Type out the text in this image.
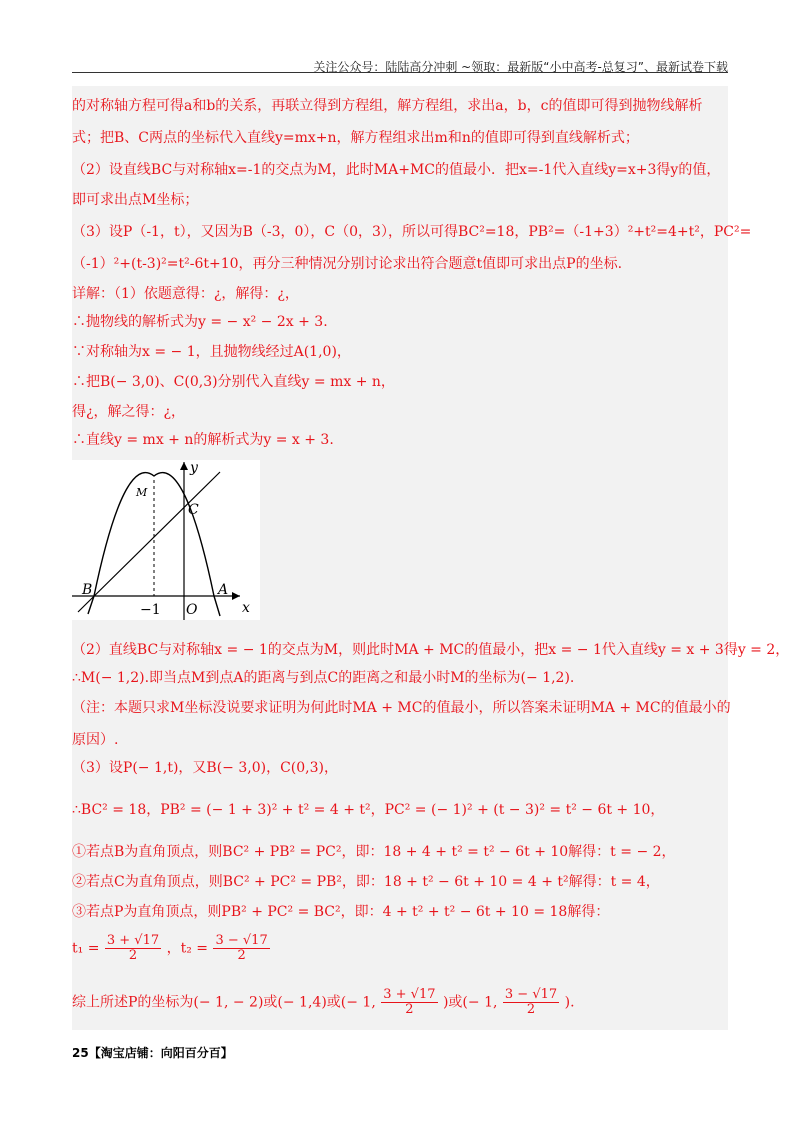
关注公众号：陆陆高分冲刺 ~领取：最新版“小中高考-总复习”、最新试卷下载
的对称轴方程可得a和b的关系，再联立得到方程组，解方程组，求出a，b，c的值即可得到抛物线解析
式；把B、C两点的坐标代入直线y=mx+n，解方程组求出m和n的值即可得到直线解析式；
（2）设直线BC与对称轴x=-1的交点为M，此时MA+MC的值最小．把x=-1代入直线y=x+3得y的值，
即可求出点M坐标；
（3）设P（-1，t），又因为B（-3，0），C（0，3），所以可得BC²=18，PB²=（-1+3）²+t²=4+t²，PC²=
（-1）²+(t-3)²=t²-6t+10，再分三种情况分别讨论求出符合题意t值即可求出点P的坐标.
详解：（1）依题意得：¿，解得：¿，
∴抛物线的解析式为y = − x² − 2x + 3.
∵对称轴为x = − 1，且抛物线经过A(1,0)，
∴把B(− 3,0)、C(0,3)分别代入直线y = mx + n，
得¿，解之得：¿，
∴直线y = mx + n的解析式为y = x + 3.
y
x
M
C
B	A
O
−1
（2）直线BC与对称轴x = − 1的交点为M，则此时MA + MC的值最小，把x = − 1代入直线y = x + 3得y = 2，
∴M(− 1,2).即当点M到点A的距离与到点C的距离之和最小时M的坐标为(− 1,2).
（注：本题只求M坐标没说要求证明为何此时MA + MC的值最小，所以答案未证明MA + MC的值最小的
原因）.
（3）设P(− 1,t)，又B(− 3,0)，C(0,3)，
∴BC² = 18，PB² = (− 1 + 3)² + t² = 4 + t²，PC² = (− 1)² + (t − 3)² = t² − 6t + 10，
①若点B为直角顶点，则BC² + PB² = PC²，即：18 + 4 + t² = t² − 6t + 10解得：t = − 2，
②若点C为直角顶点，则BC² + PC² = PB²，即：18 + t² − 6t + 10 = 4 + t²解得：t = 4，
③若点P为直角顶点，则PB² + PC² = BC²，即：4 + t² + t² − 6t + 10 = 18解得：
$t_1 = \frac{3 + √17}{2}$ ，$t_2 = \frac{3 - √17}{2}$
综上所述P的坐标为(− 1, − 2)或(− 1,4)或(− 1, $\frac{3 + √17}{2}$ )或(− 1, $\frac{3 - √17}{2}$ ).
25【淘宝店铺：向阳百分百】
